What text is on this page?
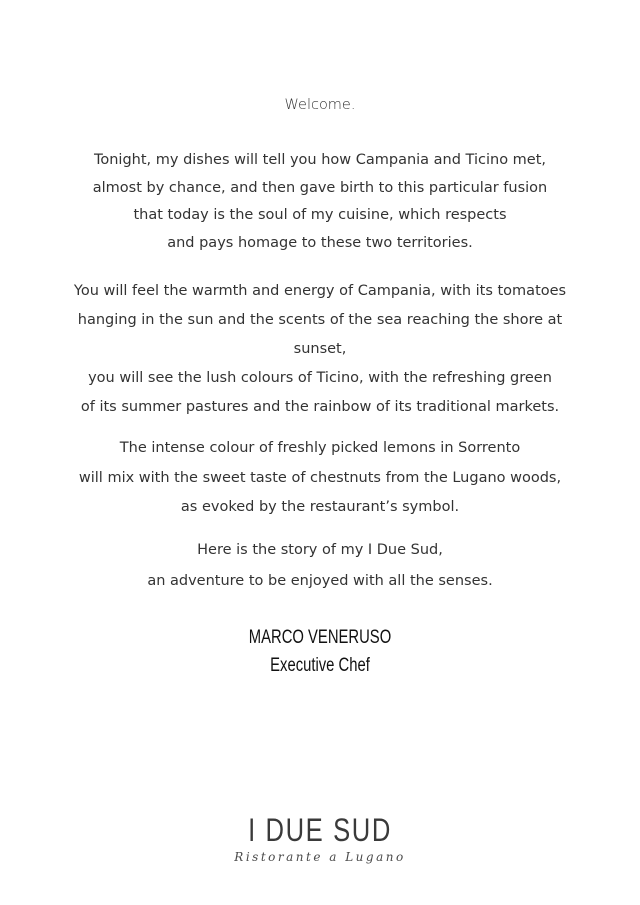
Welcome.

Tonight, my dishes will tell you how Campania and Ticino met,
almost by chance, and then gave birth to this particular fusion
that today is the soul of my cuisine, which respects
and pays homage to these two territories.

You will feel the warmth and energy of Campania, with its tomatoes
hanging in the sun and the scents of the sea reaching the shore at
sunset,
you will see the lush colours of Ticino, with the refreshing green
of its summer pastures and the rainbow of its traditional markets.

The intense colour of freshly picked lemons in Sorrento
will mix with the sweet taste of chestnuts from the Lugano woods,
as evoked by the restaurant’s symbol.

Here is the story of my I Due Sud,
an adventure to be enjoyed with all the senses.

MARCO VENERUSO
Executive Chef
I DUE SUD
Ristorante a Lugano
